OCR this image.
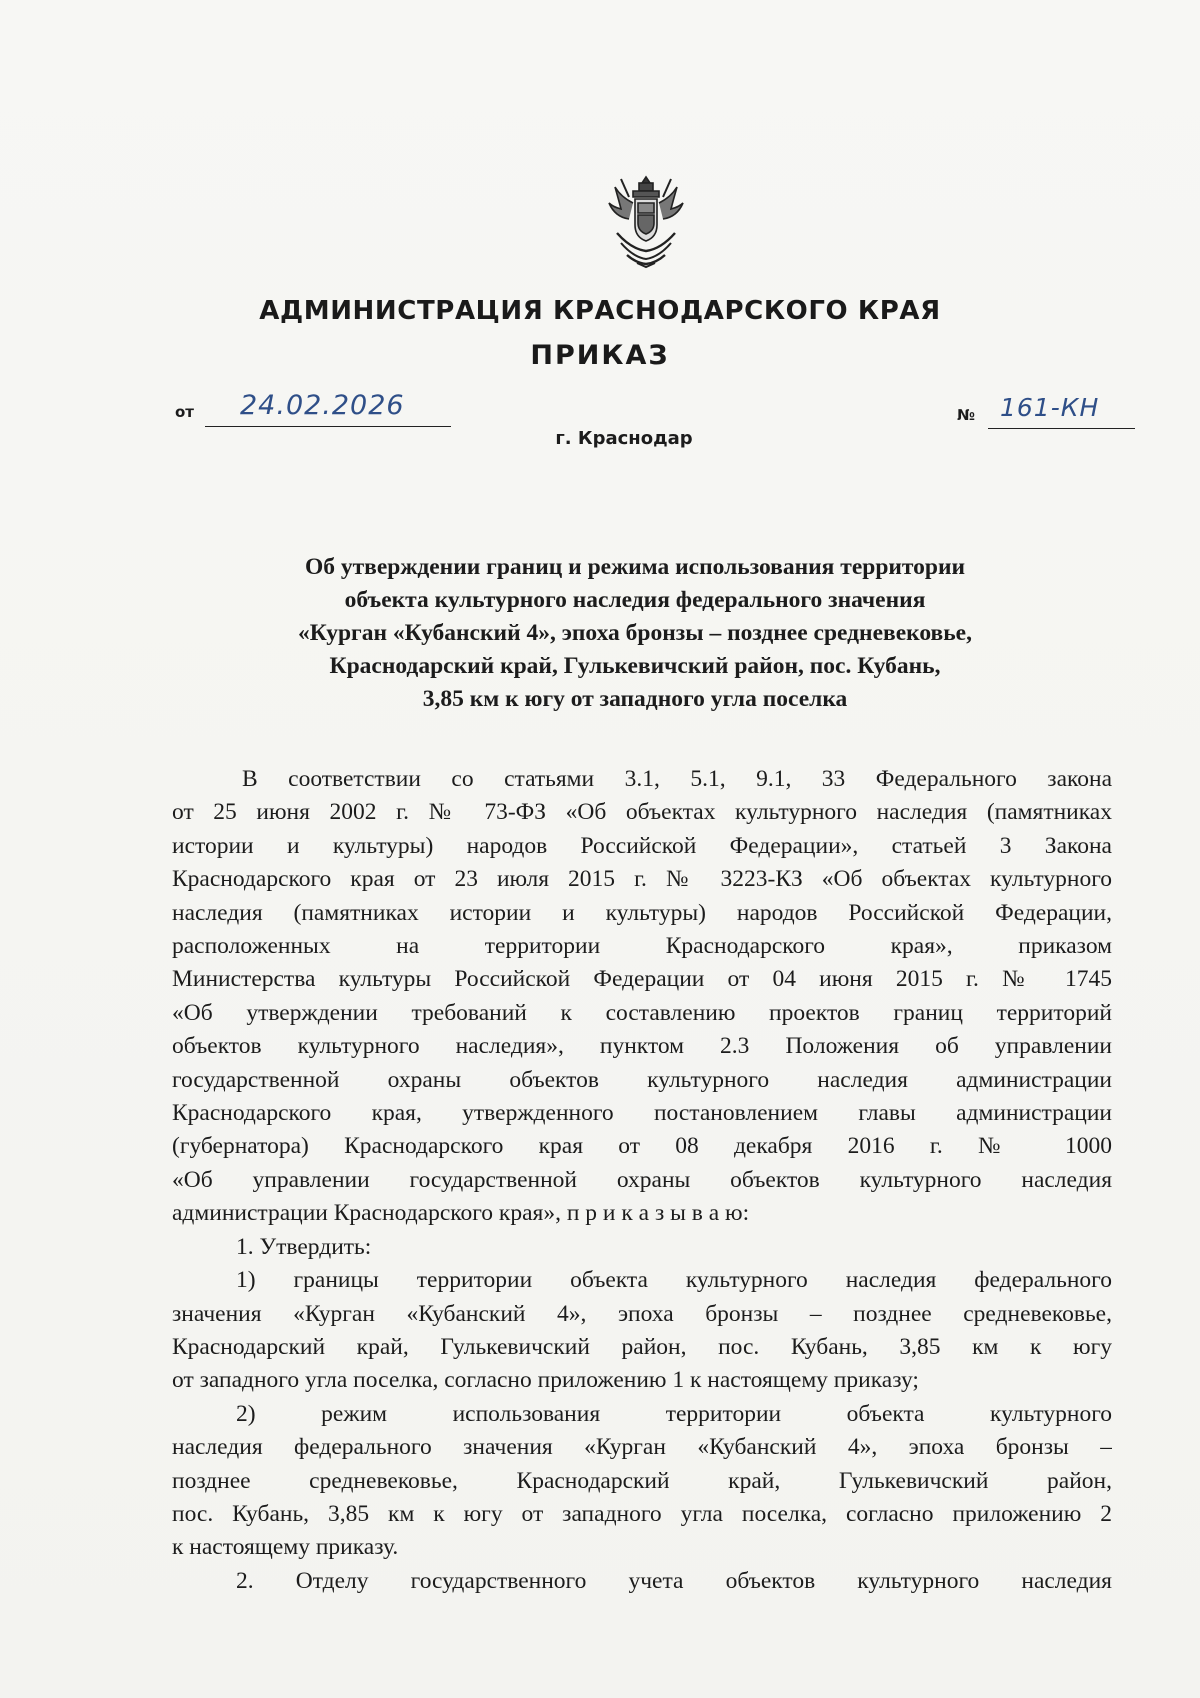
АДМИНИСТРАЦИЯ КРАСНОДАРСКОГО КРАЯ
ПРИКАЗ
от 24.02.2026	№ 161-КН
г. Краснодар
Об утверждении границ и режима использования территории
объекта культурного наследия федерального значения
«Курган «Кубанский 4», эпоха бронзы – позднее средневековье,
Краснодарский край, Гулькевичский район, пос. Кубань,
3,85 км к югу от западного угла поселка
В соответствии со статьями 3.1, 5.1, 9.1, 33 Федерального закона
от 25 июня 2002 г. № 73-ФЗ «Об объектах культурного наследия (памятниках
истории и культуры) народов Российской Федерации», статьей 3 Закона
Краснодарского края от 23 июля 2015 г. № 3223-КЗ «Об объектах культурного
наследия (памятниках истории и культуры) народов Российской Федерации,
расположенных на территории Краснодарского края», приказом
Министерства культуры Российской Федерации от 04 июня 2015 г. № 1745
«Об утверждении требований к составлению проектов границ территорий
объектов культурного наследия», пунктом 2.3 Положения об управлении
государственной охраны объектов культурного наследия администрации
Краснодарского края, утвержденного постановлением главы администрации
(губернатора) Краснодарского края от 08 декабря 2016 г. № 1000
«Об управлении государственной охраны объектов культурного наследия
администрации Краснодарского края», п р и к а з ы в а ю:
1. Утвердить:
1) границы территории объекта культурного наследия федерального
значения «Курган «Кубанский 4», эпоха бронзы – позднее средневековье,
Краснодарский край, Гулькевичский район, пос. Кубань, 3,85 км к югу
от западного угла поселка, согласно приложению 1 к настоящему приказу;
2) режим использования территории объекта культурного
наследия федерального значения «Курган «Кубанский 4», эпоха бронзы –
позднее средневековье, Краснодарский край, Гулькевичский район,
пос. Кубань, 3,85 км к югу от западного угла поселка, согласно приложению 2
к настоящему приказу.
2. Отделу государственного учета объектов культурного наследия
